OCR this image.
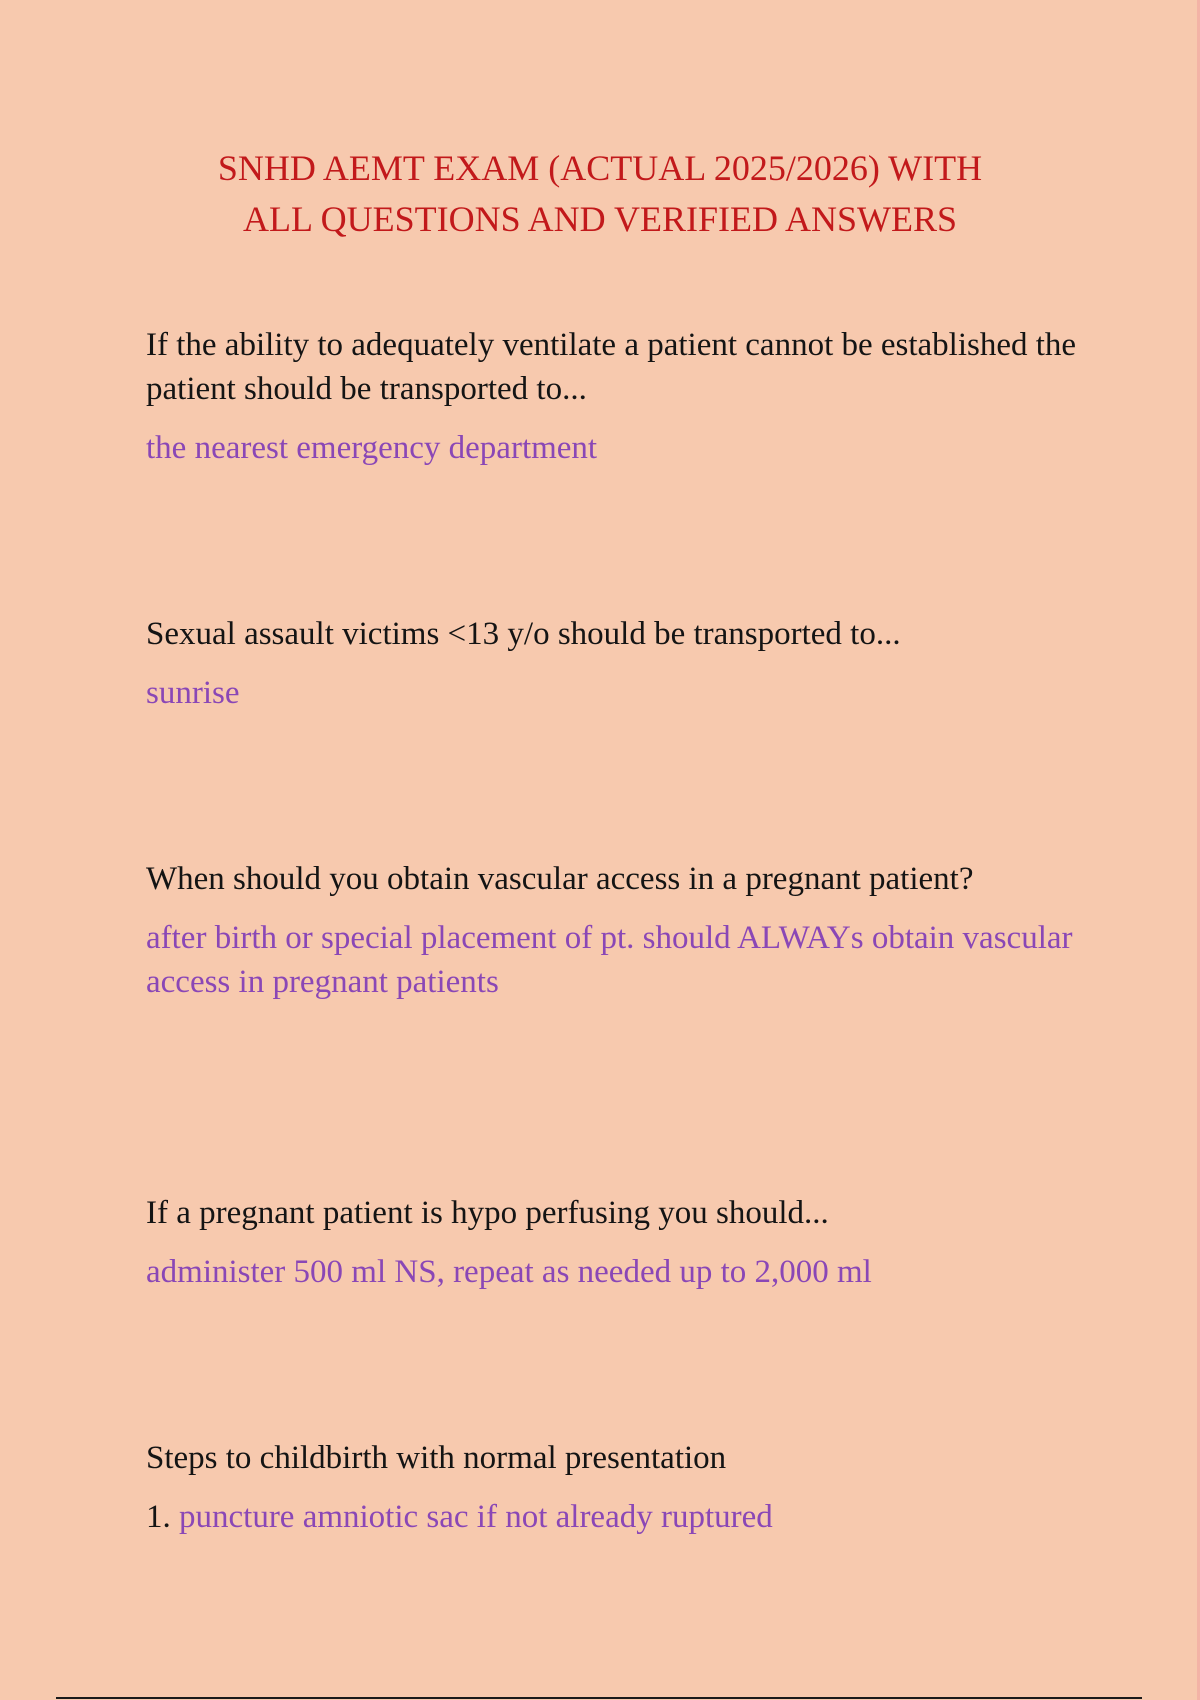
SNHD AEMT EXAM (ACTUAL 2025/2026) WITH
ALL QUESTIONS AND VERIFIED ANSWERS

If the ability to adequately ventilate a patient cannot be established the patient should be transported to...

the nearest emergency department

Sexual assault victims <13 y/o should be transported to...

sunrise

When should you obtain vascular access in a pregnant patient?

after birth or special placement of pt. should ALWAYs obtain vascular access in pregnant patients

If a pregnant patient is hypo perfusing you should...

administer 500 ml NS, repeat as needed up to 2,000 ml

Steps to childbirth with normal presentation

1. puncture amniotic sac if not already ruptured
